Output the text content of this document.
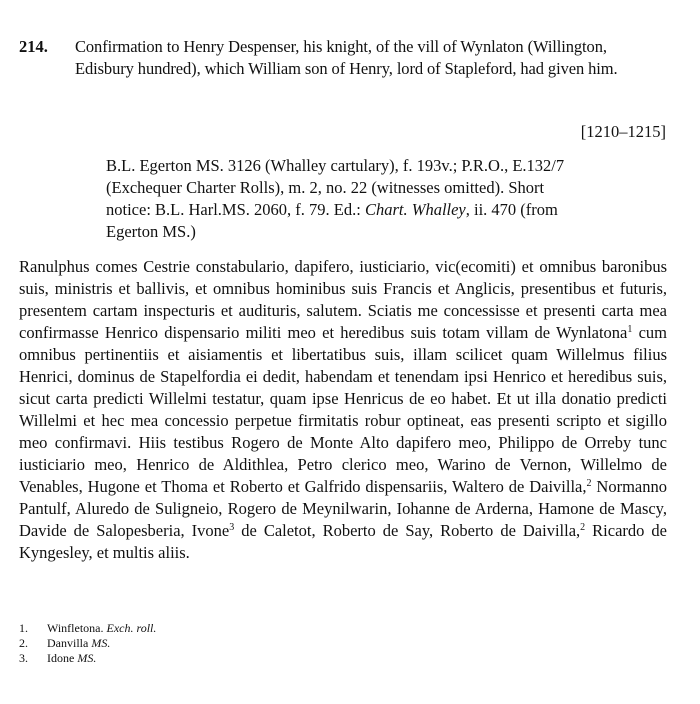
214. Confirmation to Henry Despenser, his knight, of the vill of Wynlaton (Willington, Edisbury hundred), which William son of Henry, lord of Stapleford, had given him.
[1210–1215]
B.L. Egerton MS. 3126 (Whalley cartulary), f. 193v.; P.R.O., E.132/7 (Exchequer Charter Rolls), m. 2, no. 22 (witnesses omitted). Short notice: B.L. Harl.MS. 2060, f. 79. Ed.: Chart. Whalley, ii. 470 (from Egerton MS.)
Ranulphus comes Cestrie constabulario, dapifero, iusticiario, vic(ecomiti) et omnibus baronibus suis, ministris et ballivis, et omnibus hominibus suis Francis et Anglicis, presentibus et futuris, presentem cartam inspecturis et audituris, salutem. Sciatis me concessisse et presenti carta mea confirmasse Henrico dispensario militi meo et heredibus suis totam villam de Wynlatona$^1$ cum omnibus pertinentiis et aisiamentis et libertatibus suis, illam scilicet quam Willelmus filius Henrici, dominus de Stapelfordia ei dedit, habendam et tenendam ipsi Henrico et heredibus suis, sicut carta predicti Willelmi testatur, quam ipse Henricus de eo habet. Et ut illa donatio predicti Willelmi et hec mea concessio perpetue firmitatis robur optineat, eas presenti scripto et sigillo meo confirmavi. Hiis testibus Rogero de Monte Alto dapifero meo, Philippo de Orreby tunc iusticiario meo, Henrico de Aldithlea, Petro clerico meo, Warino de Vernon, Willelmo de Venables, Hugone et Thoma et Roberto et Galfrido dispensariis, Waltero de Daivilla,$^2$ Normanno Pantulf, Aluredo de Suligneio, Rogero de Meynilwarin, Iohanne de Arderna, Hamone de Mascy, Davide de Salopesberia, Ivone$^3$ de Caletot, Roberto de Say, Roberto de Daivilla,$^2$ Ricardo de Kyngesley, et multis aliis.
1.	Winfletona. Exch. roll.
2.	Danvilla MS.
3.	Idone MS.
